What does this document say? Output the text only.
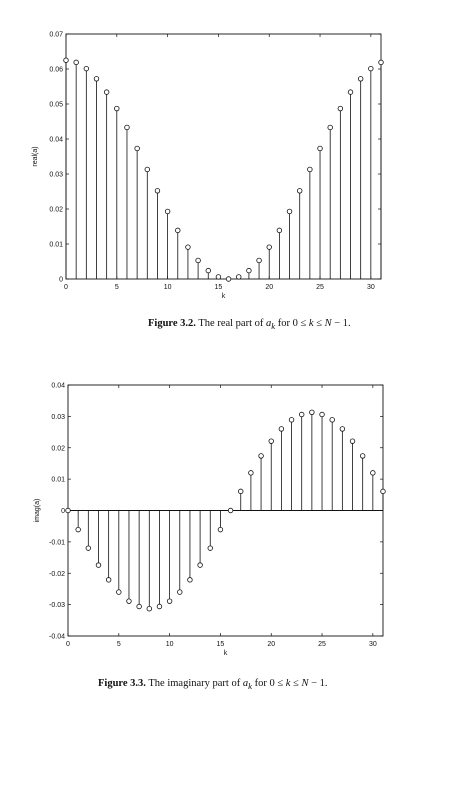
0	5	10	15	20	25	30
0
0.01
0.02
0.03
0.04
0.05
0.06
0.07
k
real(a)
0	5	10	15	20	25	30
-0.04
-0.03
-0.02
-0.01
0
0.01
0.02
0.03
0.04
k
imag(a)
Figure 3.2. The real part of $a_k$ for 0 ≤ k ≤ N − 1.
Figure 3.3. The imaginary part of $a_k$ for 0 ≤ k ≤ N − 1.
